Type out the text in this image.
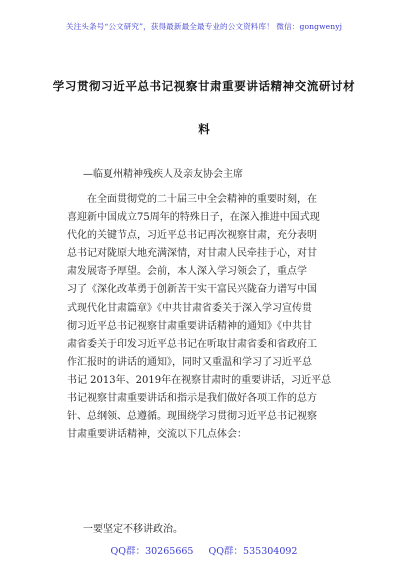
关注头条号“公文研究”，获得最新最全最专业的公文资料库！ 微信：gongwenyj
学习贯彻习近平总书记视察甘肃重要讲话精神交流研讨材
料
—临夏州精神残疾人及亲友协会主席
在全面贯彻党的二十届三中全会精神的重要时刻，在
喜迎新中国成立75周年的特殊日子，在深入推进中国式现
代化的关键节点，习近平总书记再次视察甘肃，充分表明
总书记对陇原大地充满深情，对甘肃人民牵挂于心，对甘
肃发展寄予厚望。会前，本人深入学习领会了，重点学
习了《深化改革勇于创新苦干实干富民兴陇奋力谱写中国
式现代化甘肃篇章》《中共甘肃省委关于深入学习宣传贯
彻习近平总书记视察甘肃重要讲话精神的通知》《中共甘
肃省委关于印发习近平总书记在听取甘肃省委和省政府工
作汇报时的讲话的通知》，同时又重温和学习了习近平总
书记 2013年、2019年在视察甘肃时的重要讲话，习近平总
书记视察甘肃重要讲话和指示是我们做好各项工作的总方
针、总纲领、总遵循。现围绕学习贯彻习近平总书记视察
甘肃重要讲话精神，交流以下几点体会：
一要坚定不移讲政治。
QQ群：30265665 QQ群：535304092
